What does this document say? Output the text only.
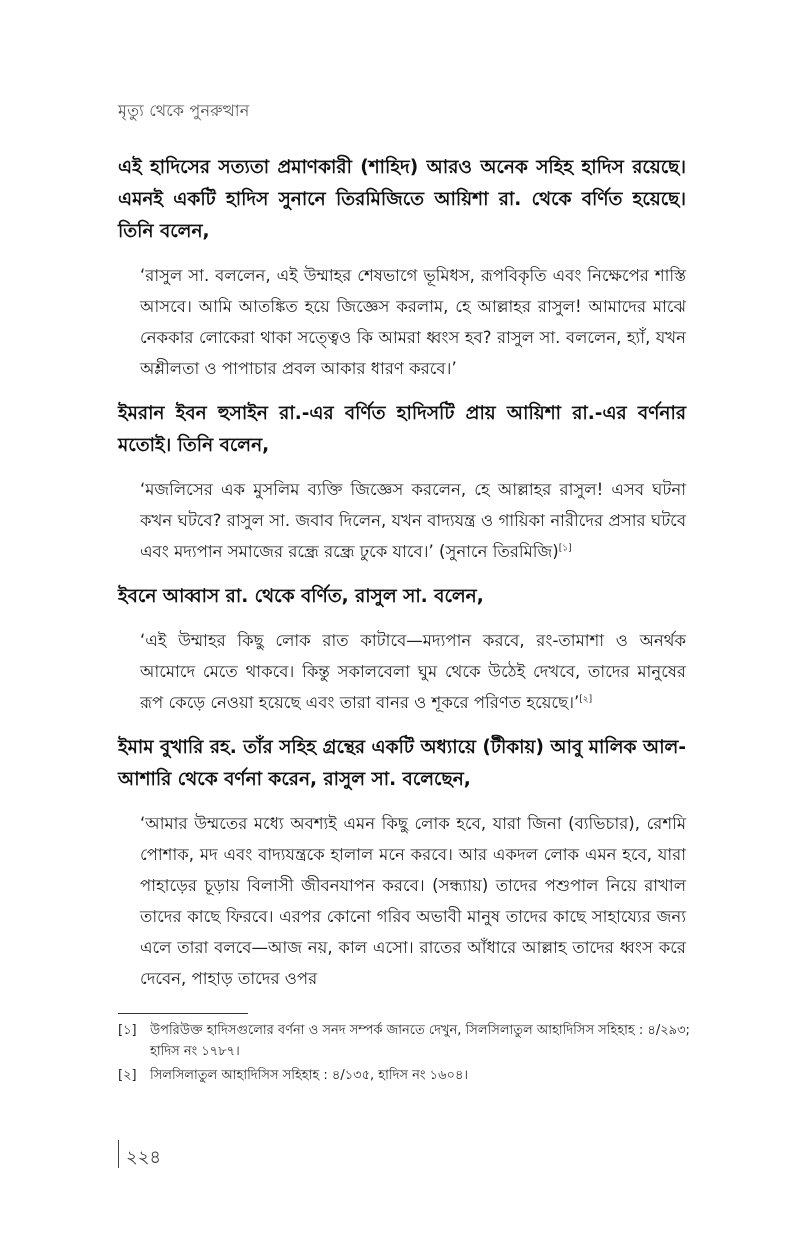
মৃত্যু থেকে পুনরুত্থান

এই হাদিসের সত্যতা প্রমাণকারী (শাহিদ) আরও অনেক সহিহ হাদিস রয়েছে। এমনই একটি হাদিস সুনানে তিরমিজিতে আয়িশা রা. থেকে বর্ণিত হয়েছে। তিনি বলেন,

‘রাসুল সা. বললেন, এই উম্মাহর শেষভাগে ভূমিধস, রূপবিকৃতি এবং নিক্ষেপের শাস্তি আসবে। আমি আতঙ্কিত হয়ে জিজ্ঞেস করলাম, হে আল্লাহর রাসুল! আমাদের মাঝে নেককার লোকেরা থাকা সত্ত্বেও কি আমরা ধ্বংস হব? রাসুল সা. বললেন, হ্যাঁ, যখন অশ্লীলতা ও পাপাচার প্রবল আকার ধারণ করবে।’

ইমরান ইবন হুসাইন রা.-এর বর্ণিত হাদিসটি প্রায় আয়িশা রা.-এর বর্ণনার মতোই। তিনি বলেন,

‘মজলিসের এক মুসলিম ব্যক্তি জিজ্ঞেস করলেন, হে আল্লাহর রাসুল! এসব ঘটনা কখন ঘটবে? রাসুল সা. জবাব দিলেন, যখন বাদ্যযন্ত্র ও গায়িকা নারীদের প্রসার ঘটবে এবং মদ্যপান সমাজের রন্ধ্রে রন্ধ্রে ঢুকে যাবে।’ (সুনানে তিরমিজি)[১]

ইবনে আব্বাস রা. থেকে বর্ণিত, রাসুল সা. বলেন,

‘এই উম্মাহর কিছু লোক রাত কাটাবে—মদ্যপান করবে, রং-তামাশা ও অনর্থক আমোদে মেতে থাকবে। কিন্তু সকালবেলা ঘুম থেকে উঠেই দেখবে, তাদের মানুষের রূপ কেড়ে নেওয়া হয়েছে এবং তারা বানর ও শূকরে পরিণত হয়েছে।’[২]

ইমাম বুখারি রহ. তাঁর সহিহ গ্রন্থের একটি অধ্যায়ে (টীকায়) আবু মালিক আল-আশারি থেকে বর্ণনা করেন, রাসুল সা. বলেছেন,

‘আমার উম্মতের মধ্যে অবশ্যই এমন কিছু লোক হবে, যারা জিনা (ব্যভিচার), রেশমি পোশাক, মদ এবং বাদ্যযন্ত্রকে হালাল মনে করবে। আর একদল লোক এমন হবে, যারা পাহাড়ের চূড়ায় বিলাসী জীবনযাপন করবে। (সন্ধ্যায়) তাদের পশুপাল নিয়ে রাখাল তাদের কাছে ফিরবে। এরপর কোনো গরিব অভাবী মানুষ তাদের কাছে সাহায্যের জন্য এলে তারা বলবে—আজ নয়, কাল এসো। রাতের আঁধারে আল্লাহ তাদের ধ্বংস করে দেবেন, পাহাড় তাদের ওপর

[১] উপরিউক্ত হাদিসগুলোর বর্ণনা ও সনদ সম্পর্ক জানতে দেখুন, সিলসিলাতুল আহাদিসিস সহিহাহ : ৪/২৯৩; হাদিস নং ১৭৮৭।

[২] সিলসিলাতুল আহাদিসিস সহিহাহ : ৪/১৩৫, হাদিস নং ১৬০৪।

২২৪
